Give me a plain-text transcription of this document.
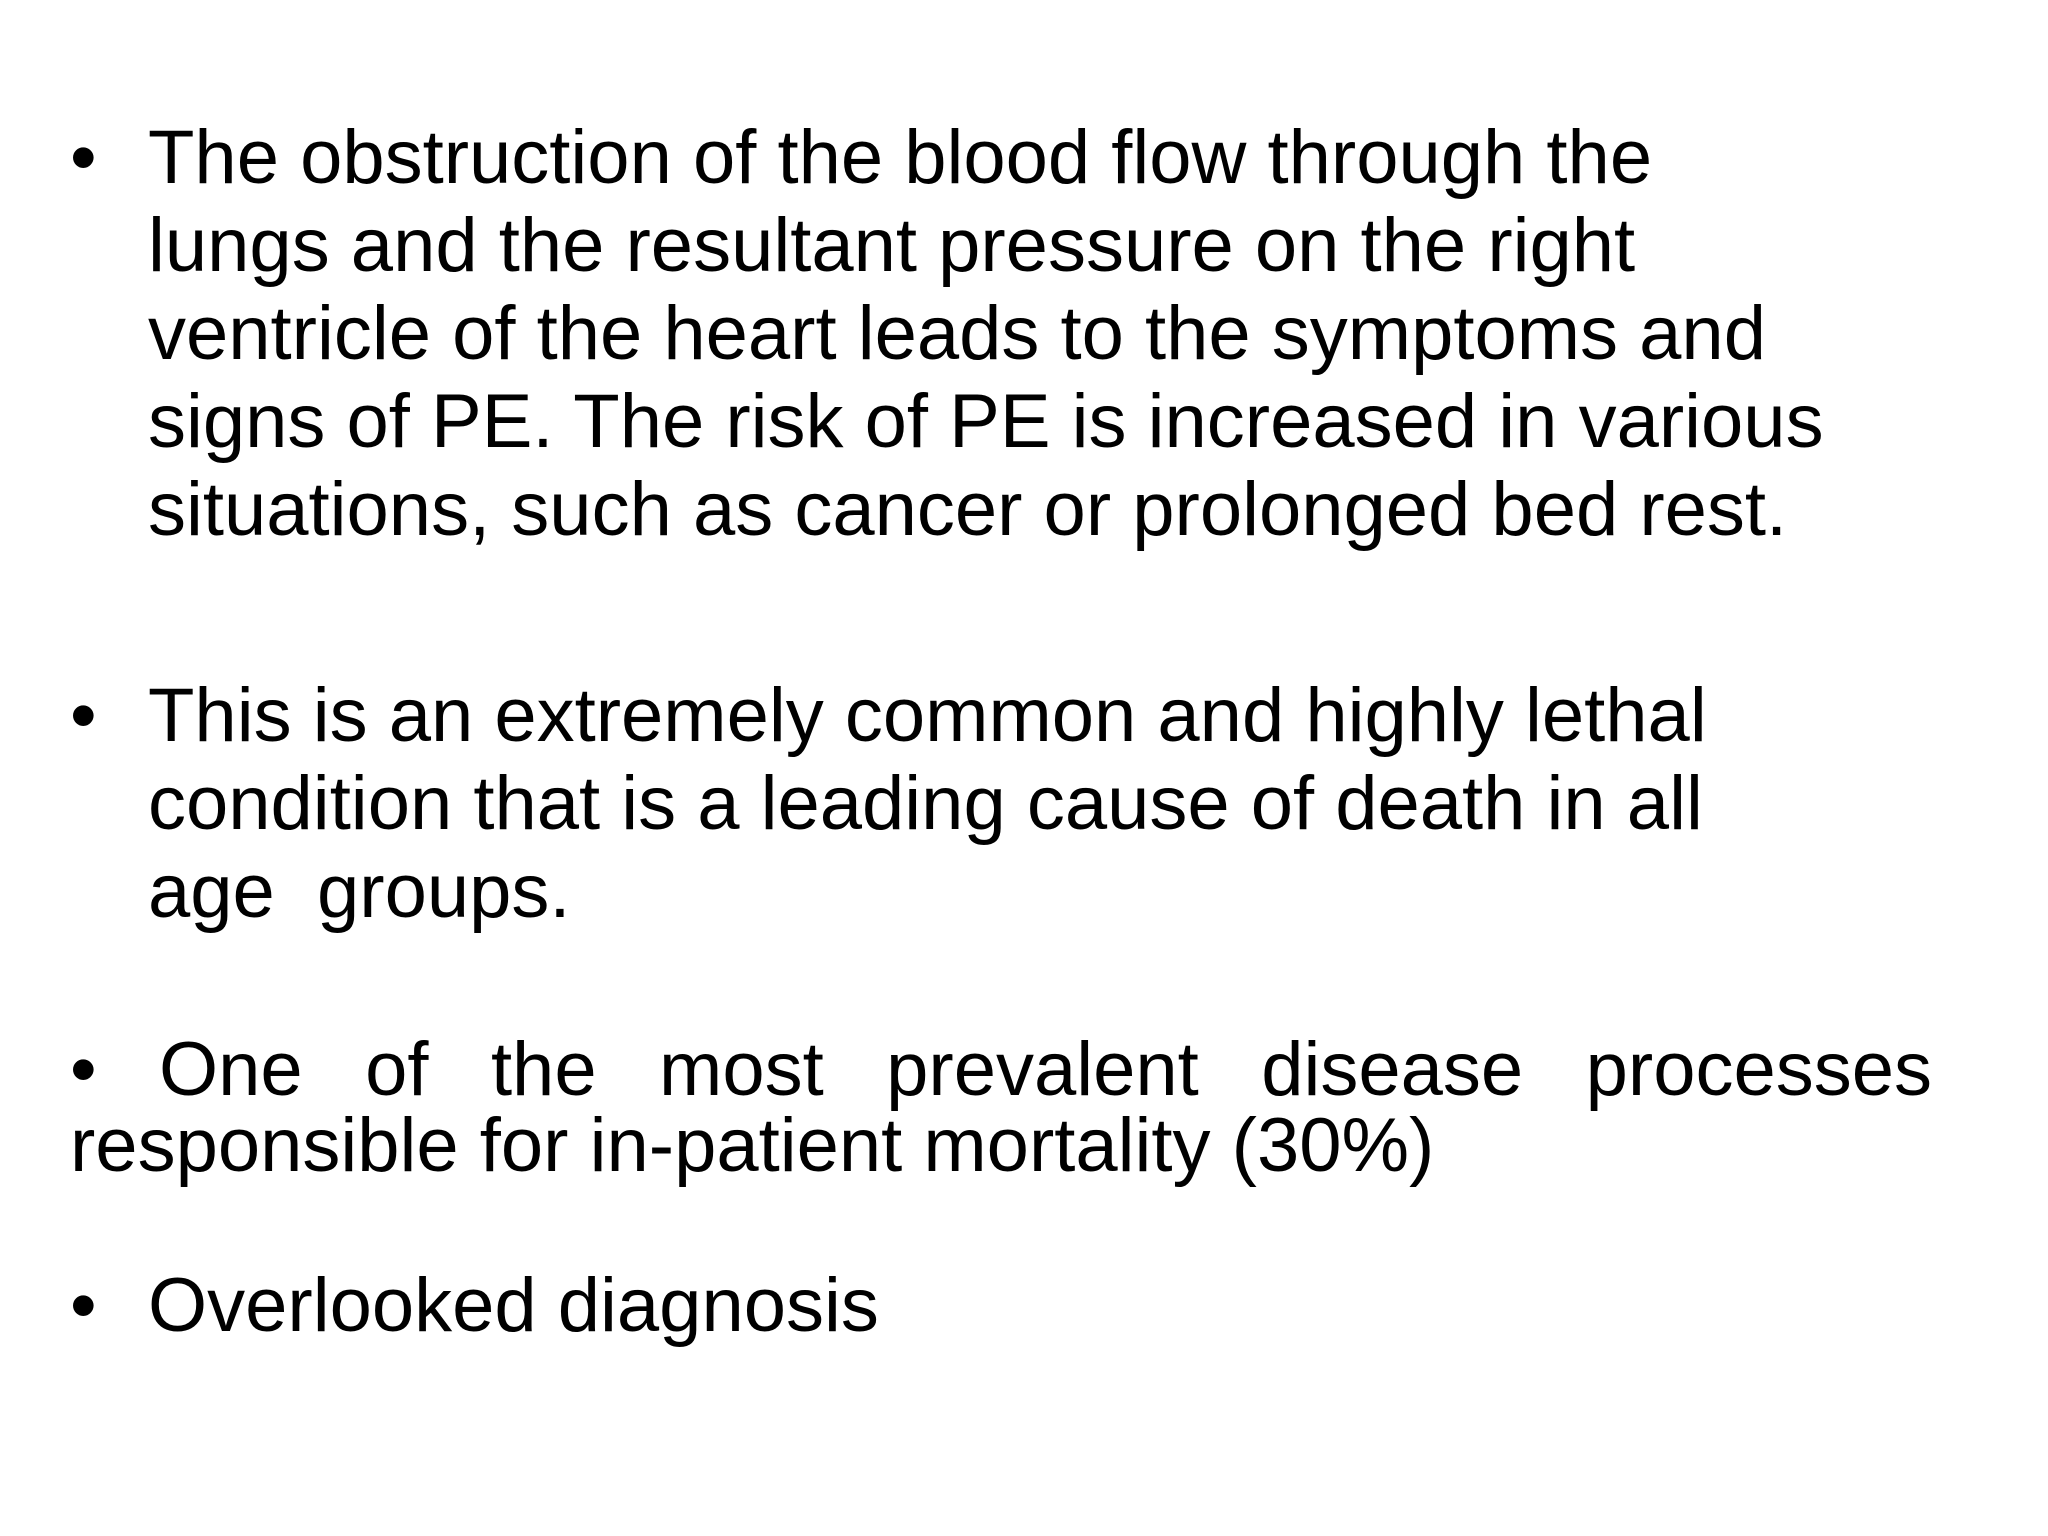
• The obstruction of the blood flow through the
lungs and the resultant pressure on the right
ventricle of the heart leads to the symptoms and
signs of PE. The risk of PE is increased in various
situations, such as cancer or prolonged bed rest.
• This is an extremely common and highly lethal
condition that is a leading cause of death in all
age  groups.
• One of the most prevalent disease processes responsible for in-patient mortality (30%)
• Overlooked diagnosis
